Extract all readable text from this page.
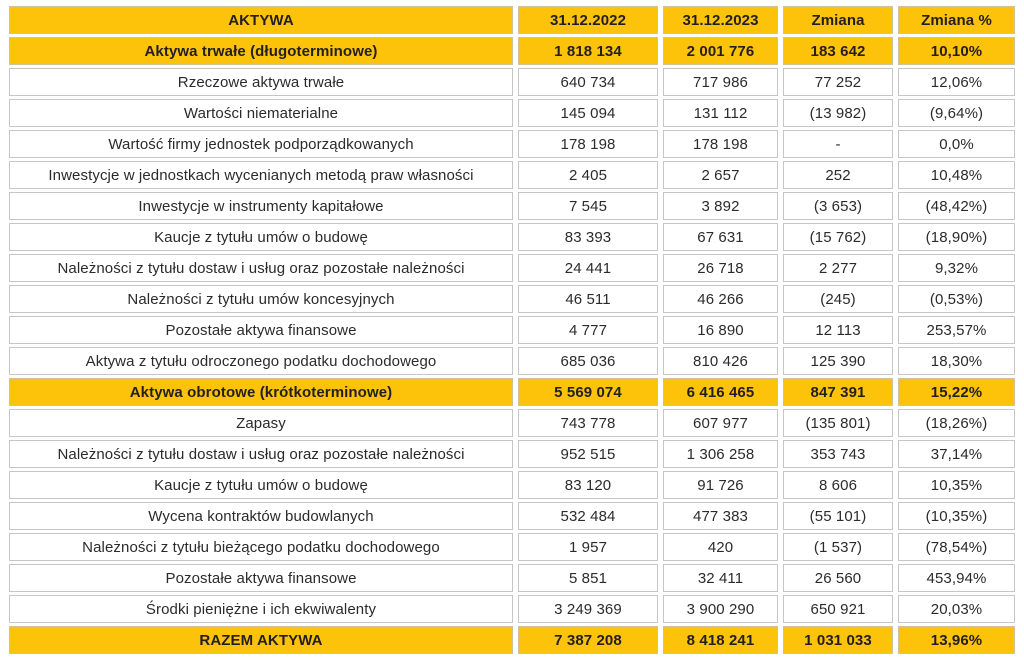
AKTYWA	31.12.2022	31.12.2023	Zmiana	Zmiana %
Aktywa trwałe (długoterminowe)	1 818 134	2 001 776	183 642	10,10%
Rzeczowe aktywa trwałe	640 734	717 986	77 252	12,06%
Wartości niematerialne	145 094	131 112	(13 982)	(9,64%)
Wartość firmy jednostek podporządkowanych	178 198	178 198	-	0,0%
Inwestycje w jednostkach wycenianych metodą praw własności	2 405	2 657	252	10,48%
Inwestycje w instrumenty kapitałowe	7 545	3 892	(3 653)	(48,42%)
Kaucje z tytułu umów o budowę	83 393	67 631	(15 762)	(18,90%)
Należności z tytułu dostaw i usług oraz pozostałe należności	24 441	26 718	2 277	9,32%
Należności z tytułu umów koncesyjnych	46 511	46 266	(245)	(0,53%)
Pozostałe aktywa finansowe	4 777	16 890	12 113	253,57%
Aktywa z tytułu odroczonego podatku dochodowego	685 036	810 426	125 390	18,30%
Aktywa obrotowe (krótkoterminowe)	5 569 074	6 416 465	847 391	15,22%
Zapasy	743 778	607 977	(135 801)	(18,26%)
Należności z tytułu dostaw i usług oraz pozostałe należności	952 515	1 306 258	353 743	37,14%
Kaucje z tytułu umów o budowę	83 120	91 726	8 606	10,35%
Wycena kontraktów budowlanych	532 484	477 383	(55 101)	(10,35%)
Należności z tytułu bieżącego podatku dochodowego	1 957	420	(1 537)	(78,54%)
Pozostałe aktywa finansowe	5 851	32 411	26 560	453,94%
Środki pieniężne i ich ekwiwalenty	3 249 369	3 900 290	650 921	20,03%
RAZEM AKTYWA	7 387 208	8 418 241	1 031 033	13,96%
